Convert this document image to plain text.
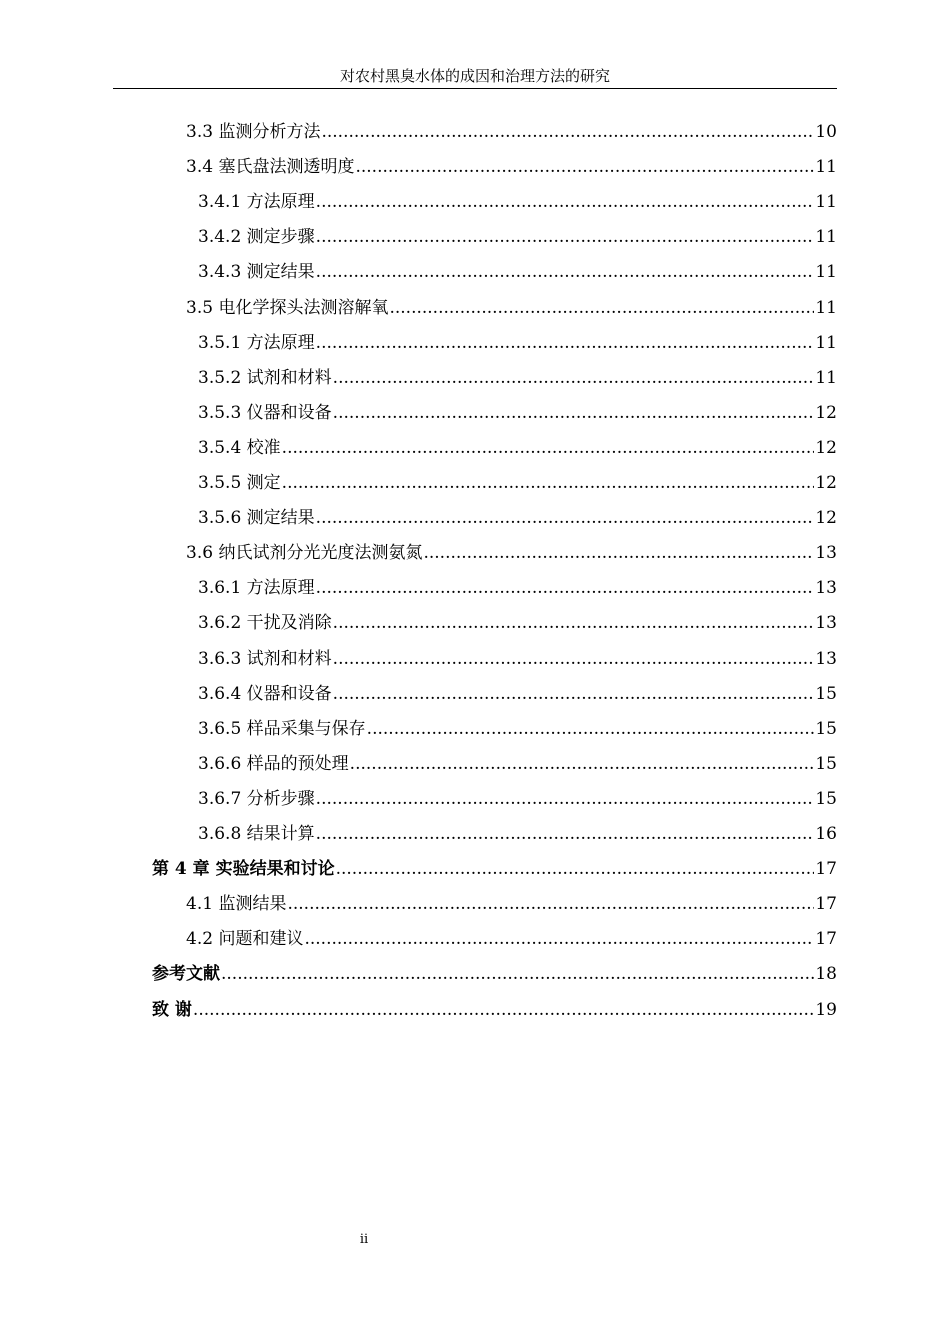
对农村黑臭水体的成因和治理方法的研究
3.3 监测分析方法 .....	10
3.4 塞氏盘法测透明度 .....	11
3.4.1 方法原理 .....	11
3.4.2 测定步骤 .....	11
3.4.3 测定结果 .....	11
3.5 电化学探头法测溶解氧 .....	11
3.5.1 方法原理 .....	11
3.5.2 试剂和材料 .....	11
3.5.3 仪器和设备 .....	12
3.5.4 校准 .....	12
3.5.5 测定 .....	12
3.5.6 测定结果 .....	12
3.6 纳氏试剂分光光度法测氨氮 .....	13
3.6.1 方法原理 .....	13
3.6.2 干扰及消除 .....	13
3.6.3 试剂和材料 .....	13
3.6.4 仪器和设备 .....	15
3.6.5 样品采集与保存 .....	15
3.6.6 样品的预处理 .....	15
3.6.7 分析步骤 .....	15
3.6.8 结果计算 .....	16
第 4 章 实验结果和讨论 .....	17
4.1 监测结果 .....	17
4.2 问题和建议 .....	17
参考文献 .....	18
致 谢 .....	19
ii
